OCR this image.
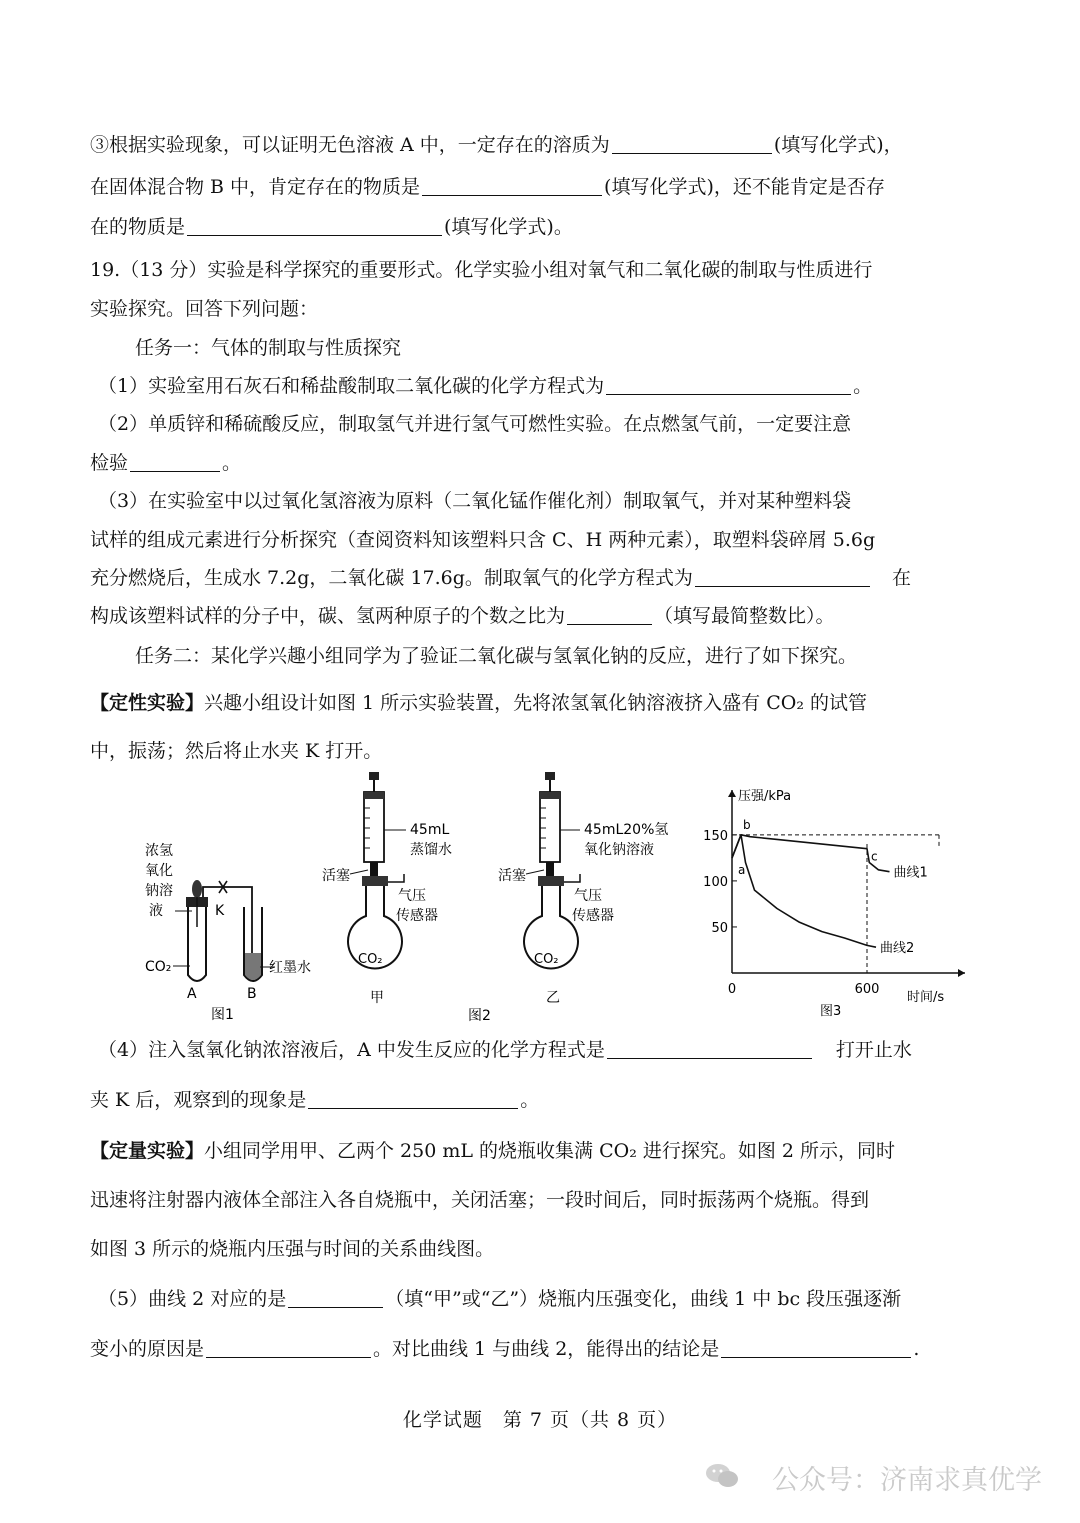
③根据实验现象，可以证明无色溶液 A 中，一定存在的溶质为	(填写化学式)，
在固体混合物 B 中，肯定存在的物质是	(填写化学式)，还不能肯定是否存
在的物质是	(填写化学式)。
19.（13 分）实验是科学探究的重要形式。化学实验小组对氧气和二氧化碳的制取与性质进行
实验探究。回答下列问题：
任务一：气体的制取与性质探究
（1）实验室用石灰石和稀盐酸制取二氧化碳的化学方程式为	。
（2）单质锌和稀硫酸反应，制取氢气并进行氢气可燃性实验。在点燃氢气前，一定要注意
检验	。
（3）在实验室中以过氧化氢溶液为原料（二氧化锰作催化剂）制取氧气，并对某种塑料袋
试样的组成元素进行分析探究（查阅资料知该塑料只含 C、H 两种元素），取塑料袋碎屑 5.6g
充分燃烧后，生成水 7.2g，二氧化碳 17.6g。制取氧气的化学方程式为	在
构成该塑料试样的分子中，碳、氢两种原子的个数之比为	（填写最简整数比）。
任务二：某化学兴趣小组同学为了验证二氧化碳与氢氧化钠的反应，进行了如下探究。
【定性实验】兴趣小组设计如图 1 所示实验装置，先将浓氢氧化钠溶液挤入盛有 CO₂ 的试管
中，振荡；然后将止水夹 K 打开。
浓氢
氧化
钠溶
液	K
红墨水
CO₂
A	B
图1
45mL
蒸馏水
活塞
气压
传感器
CO₂
甲
45mL20%氢
氧化钠溶液
活塞
气压
传感器
CO₂
乙
图2
压强/kPa
时间/s
图3
150
100
50
0	600
曲线1
曲线2
a
b
c
（4）注入氢氧化钠浓溶液后，A 中发生反应的化学方程式是	打开止水
夹 K 后，观察到的现象是	。
【定量实验】小组同学用甲、乙两个 250 mL 的烧瓶收集满 CO₂ 进行探究。如图 2 所示，同时
迅速将注射器内液体全部注入各自烧瓶中，关闭活塞；一段时间后，同时振荡两个烧瓶。得到
如图 3 所示的烧瓶内压强与时间的关系曲线图。
（5）曲线 2 对应的是	（填“甲”或“乙”）烧瓶内压强变化，曲线 1 中 bc 段压强逐渐
变小的原因是	。对比曲线 1 与曲线 2，能得出的结论是	.
化学试题　第 7 页（共 8 页）
公众号：济南求真优学
